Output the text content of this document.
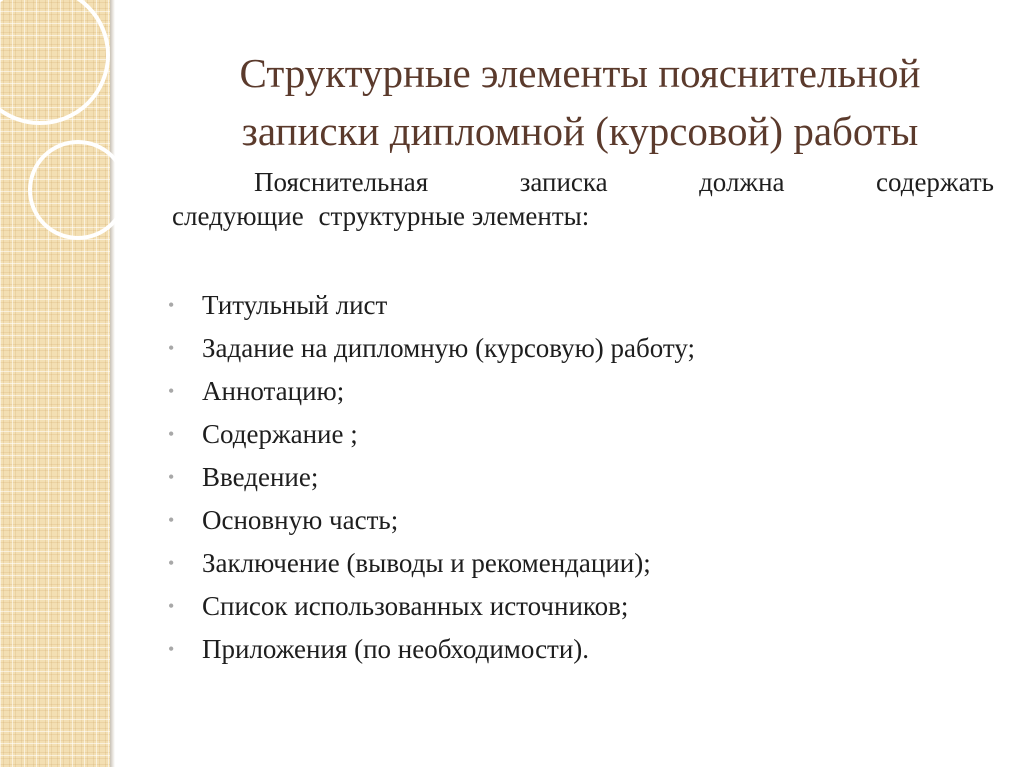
Структурные элементы пояснительной
записки дипломной (курсовой) работы
Пояснительная	записка	должна	содержать
следующие структурные элементы:
• Титульный лист
• Задание на дипломную (курсовую) работу;
• Аннотацию;
• Содержание ;
• Введение;
• Основную часть;
• Заключение (выводы и рекомендации);
• Список использованных источников;
• Приложения (по необходимости).
